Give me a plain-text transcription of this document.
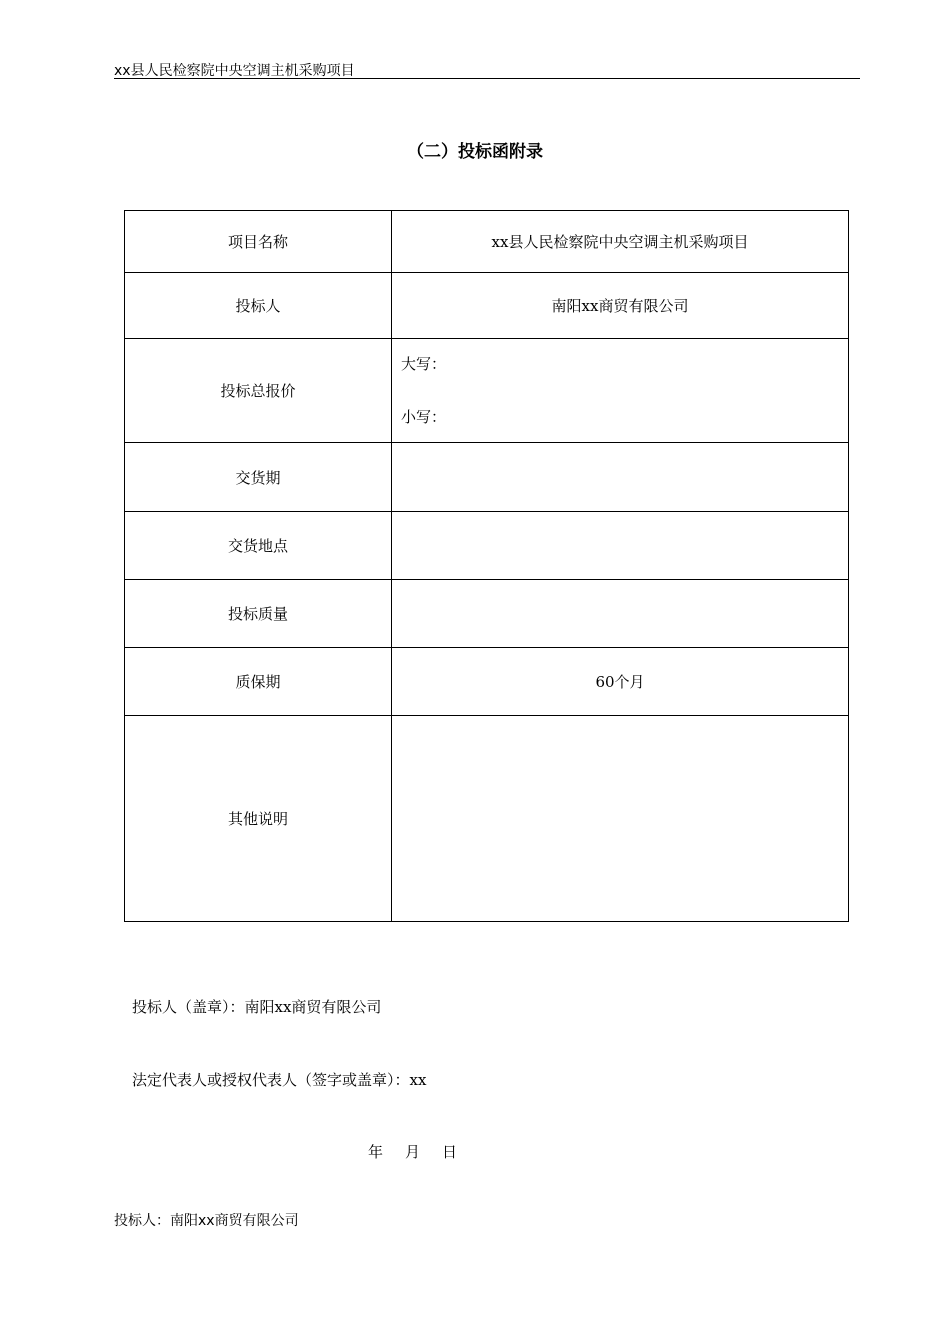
xx县人民检察院中央空调主机采购项目
（二）投标函附录
项目名称	xx县人民检察院中央空调主机采购项目
投标人	南阳xx商贸有限公司
投标总报价	大写：
小写：

交货期	
交货地点	
投标质量	
质保期	60个月
其他说明	
投标人（盖章）：南阳xx商贸有限公司
法定代表人或授权代表人（签字或盖章）：xx
年 月 日
投标人：南阳xx商贸有限公司
